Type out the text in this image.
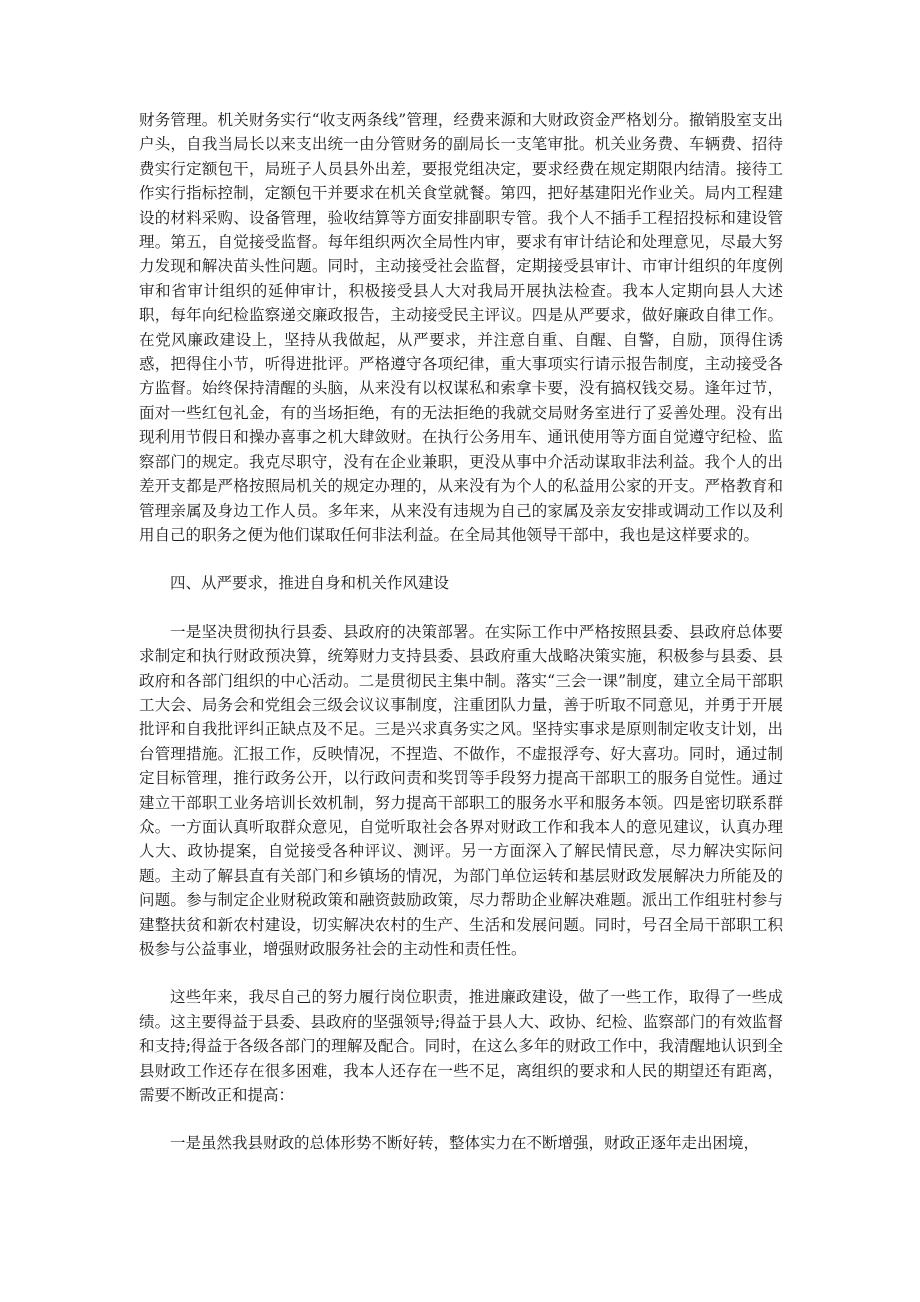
财务管理。机关财务实行“收支两条线”管理，经费来源和大财政资金严格划分。撤销股室支出户头，自我当局长以来支出统一由分管财务的副局长一支笔审批。机关业务费、车辆费、招待费实行定额包干，局班子人员县外出差，要报党组决定，要求经费在规定期限内结清。接待工作实行指标控制，定额包干并要求在机关食堂就餐。第四，把好基建阳光作业关。局内工程建设的材料采购、设备管理，验收结算等方面安排副职专管。我个人不插手工程招投标和建设管理。第五，自觉接受监督。每年组织两次全局性内审，要求有审计结论和处理意见，尽最大努力发现和解决苗头性问题。同时，主动接受社会监督，定期接受县审计、市审计组织的年度例审和省审计组织的延伸审计，积极接受县人大对我局开展执法检查。我本人定期向县人大述职，每年向纪检监察递交廉政报告，主动接受民主评议。四是从严要求，做好廉政自律工作。在党风廉政建设上，坚持从我做起，从严要求，并注意自重、自醒、自警，自励，顶得住诱惑，把得住小节，听得进批评。严格遵守各项纪律，重大事项实行请示报告制度，主动接受各方监督。始终保持清醒的头脑，从来没有以权谋私和索拿卡要，没有搞权钱交易。逢年过节，面对一些红包礼金，有的当场拒绝，有的无法拒绝的我就交局财务室进行了妥善处理。没有出现利用节假日和操办喜事之机大肆敛财。在执行公务用车、通讯使用等方面自觉遵守纪检、监察部门的规定。我克尽职守，没有在企业兼职，更没从事中介活动谋取非法利益。我个人的出差开支都是严格按照局机关的规定办理的，从来没有为个人的私益用公家的开支。严格教育和管理亲属及身边工作人员。多年来，从来没有违规为自己的家属及亲友安排或调动工作以及利用自己的职务之便为他们谋取任何非法利益。在全局其他领导干部中，我也是这样要求的。

四、从严要求，推进自身和机关作风建设

一是坚决贯彻执行县委、县政府的决策部署。在实际工作中严格按照县委、县政府总体要求制定和执行财政预决算，统筹财力支持县委、县政府重大战略决策实施，积极参与县委、县政府和各部门组织的中心活动。二是贯彻民主集中制。落实“三会一课”制度，建立全局干部职工大会、局务会和党组会三级会议议事制度，注重团队力量，善于听取不同意见，并勇于开展批评和自我批评纠正缺点及不足。三是兴求真务实之风。坚持实事求是原则制定收支计划，出台管理措施。汇报工作，反映情况，不捏造、不做作，不虚报浮夸、好大喜功。同时，通过制定目标管理，推行政务公开，以行政问责和奖罚等手段努力提高干部职工的服务自觉性。通过建立干部职工业务培训长效机制，努力提高干部职工的服务水平和服务本领。四是密切联系群众。一方面认真听取群众意见，自觉听取社会各界对财政工作和我本人的意见建议，认真办理人大、政协提案，自觉接受各种评议、测评。另一方面深入了解民情民意，尽力解决实际问题。主动了解县直有关部门和乡镇场的情况，为部门单位运转和基层财政发展解决力所能及的问题。参与制定企业财税政策和融资鼓励政策，尽力帮助企业解决难题。派出工作组驻村参与建整扶贫和新农村建设，切实解决农村的生产、生活和发展问题。同时，号召全局干部职工积极参与公益事业，增强财政服务社会的主动性和责任性。

这些年来，我尽自己的努力履行岗位职责，推进廉政建设，做了一些工作，取得了一些成绩。这主要得益于县委、县政府的坚强领导;得益于县人大、政协、纪检、监察部门的有效监督和支持;得益于各级各部门的理解及配合。同时，在这么多年的财政工作中，我清醒地认识到全县财政工作还存在很多困难，我本人还存在一些不足，离组织的要求和人民的期望还有距离，需要不断改正和提高：

一是虽然我县财政的总体形势不断好转，整体实力在不断增强，财政正逐年走出困境，
